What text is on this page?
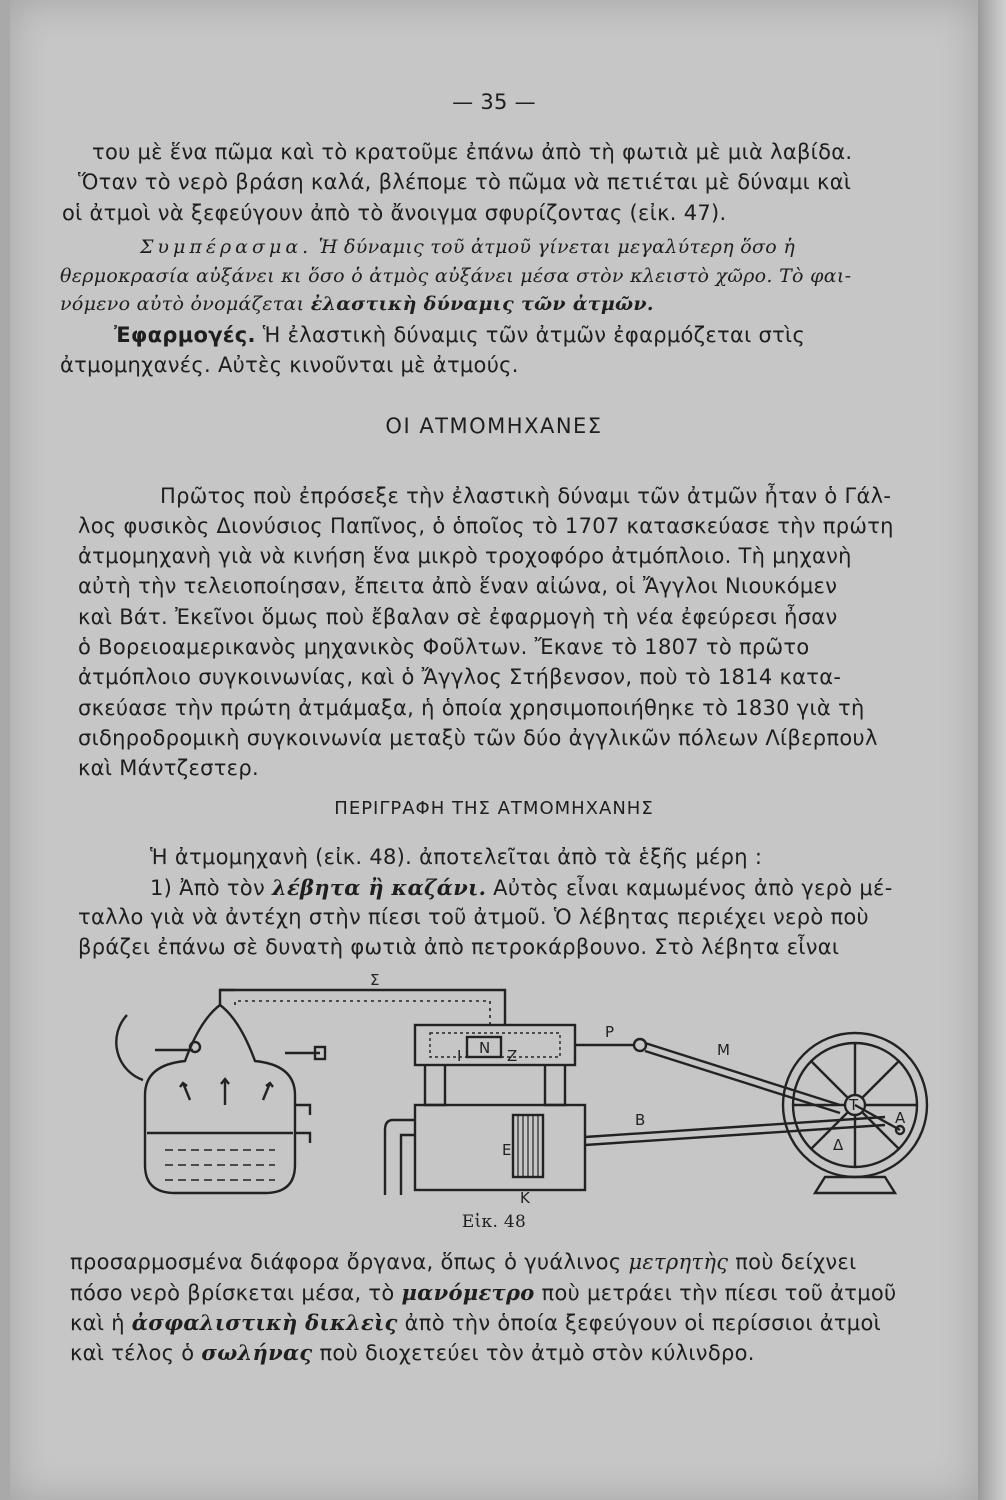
— 35 —
του μὲ ἕνα πῶμα καὶ τὸ κρατοῦμε ἐπάνω ἀπὸ τὴ φωτιὰ μὲ μιὰ λαβίδα.
Ὅταν τὸ νερὸ βράση καλά, βλέπομε τὸ πῶμα νὰ πετιέται μὲ δύναμι καὶ
οἱ ἀτμοὶ νὰ ξεφεύγουν ἀπὸ τὸ ἄνοιγμα σφυρίζοντας (εἰκ. 47).
Συμπέρασμα. Ἡ δύναμις τοῦ ἀτμοῦ γίνεται μεγαλύτερη ὅσο ἡ
θερμοκρασία αὐξάνει κι ὅσο ὁ ἀτμὸς αὐξάνει μέσα στὸν κλειστὸ χῶρο. Τὸ φαι-
νόμενο αὐτὸ ὀνομάζεται ἐλαστικὴ δύναμις τῶν ἀτμῶν.
Ἐφαρμογές. Ἡ ἐλαστικὴ δύναμις τῶν ἀτμῶν ἐφαρμόζεται στὶς
ἀτμομηχανές. Αὐτὲς κινοῦνται μὲ ἀτμούς.
ΟΙ ΑΤΜΟΜΗΧΑΝΕΣ
Πρῶτος ποὺ ἐπρόσεξε τὴν ἐλαστικὴ δύναμι τῶν ἀτμῶν ἦταν ὁ Γάλ-
λος φυσικὸς Διονύσιος Παπῖνος, ὁ ὁποῖος τὸ 1707 κατασκεύασε τὴν πρώτη
ἀτμομηχανὴ γιὰ νὰ κινήση ἕνα μικρὸ τροχοφόρο ἀτμόπλοιο. Τὴ μηχανὴ
αὐτὴ τὴν τελειοποίησαν, ἔπειτα ἀπὸ ἕναν αἰώνα, οἱ Ἄγγλοι Νιουκόμεν
καὶ Βάτ. Ἐκεῖνοι ὅμως ποὺ ἔβαλαν σὲ ἐφαρμογὴ τὴ νέα ἐφεύρεσι ἦσαν
ὁ Βορειοαμερικανὸς μηχανικὸς Φοῦλτων. Ἔκανε τὸ 1807 τὸ πρῶτο
ἀτμόπλοιο συγκοινωνίας, καὶ ὁ Ἄγγλος Στήβενσον, ποὺ τὸ 1814 κατα-
σκεύασε τὴν πρώτη ἀτμάμαξα, ἡ ὁποία χρησιμοποιήθηκε τὸ 1830 γιὰ τὴ
σιδηροδρομικὴ συγκοινωνία μεταξὺ τῶν δύο ἀγγλικῶν πόλεων Λίβερπουλ
καὶ Μάντζεστερ.
ΠΕΡΙΓΡΑΦΗ ΤΗΣ ΑΤΜΟΜΗΧΑΝΗΣ
Ἡ ἀτμομηχανὴ (εἰκ. 48). ἀποτελεῖται ἀπὸ τὰ ἑξῆς μέρη :
1) Ἀπὸ τὸν λέβητα ἢ καζάνι. Αὐτὸς εἶναι καμωμένος ἀπὸ γερὸ μέ-
ταλλο γιὰ νὰ ἀντέχη στὴν πίεσι τοῦ ἀτμοῦ. Ὁ λέβητας περιέχει νερὸ ποὺ
βράζει ἐπάνω σὲ δυνατὴ φωτιὰ ἀπὸ πετροκάρβουνο. Στὸ λέβητα εἶναι
Σ
P
M
I N Z
B
E
K
T
A
Δ
Εἰκ. 48
προσαρμοσμένα διάφορα ὄργανα, ὅπως ὁ γυάλινος μετρητὴς ποὺ δείχνει
πόσο νερὸ βρίσκεται μέσα, τὸ μανόμετρο ποὺ μετράει τὴν πίεσι τοῦ ἀτμοῦ
καὶ ἡ ἀσφαλιστικὴ δικλεὶς ἀπὸ τὴν ὁποία ξεφεύγουν οἱ περίσσιοι ἀτμοὶ
καὶ τέλος ὁ σωλήνας ποὺ διοχετεύει τὸν ἀτμὸ στὸν κύλινδρο.
